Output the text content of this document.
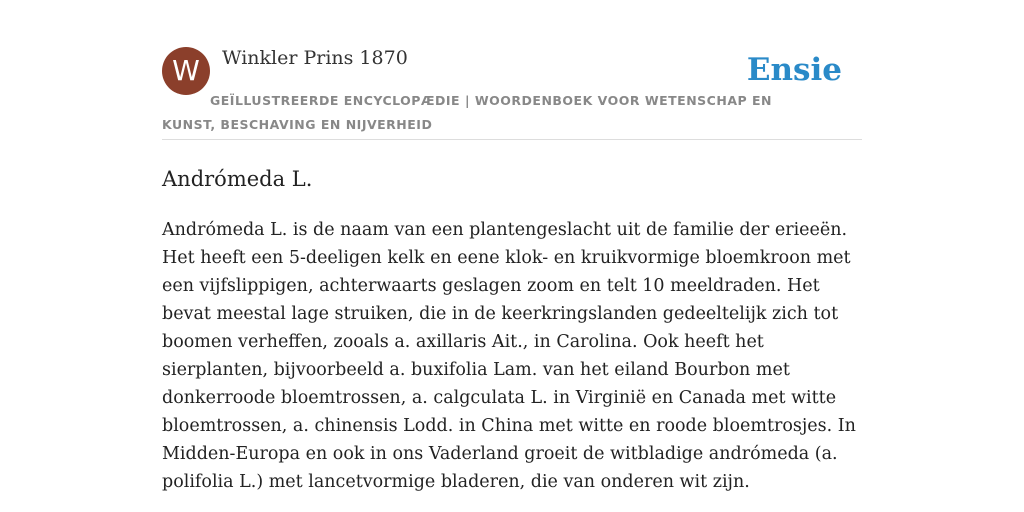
W	Winkler Prins 1870	Ensie
GEÏLLUSTREERDE ENCYCLOPÆDIE | WOORDENBOEK VOOR WETENSCHAP EN KUNST, BESCHAVING EN NIJVERHEID
Andrómeda L.

Andrómeda L. is de naam van een plantengeslacht uit de familie der erieeën. Het heeft een 5-deeligen kelk en eene klok- en kruikvormige bloemkroon met een vijfslippigen, achterwaarts geslagen zoom en telt 10 meeldraden. Het bevat meestal lage struiken, die in de keerkringslanden gedeeltelijk zich tot boomen verheffen, zooals a. axillaris Ait., in Carolina. Ook heeft het sierplanten, bijvoorbeeld a. buxifolia Lam. van het eiland Bourbon met donkerroode bloemtrossen, a. calgculata L. in Virginië en Canada met witte bloemtrossen, a. chinensis Lodd. in China met witte en roode bloemtrosjes. In Midden-Europa en ook in ons Vaderland groeit de witbladige andrómeda (a. polifolia L.) met lancetvormige bladeren, die van onderen wit zijn.
